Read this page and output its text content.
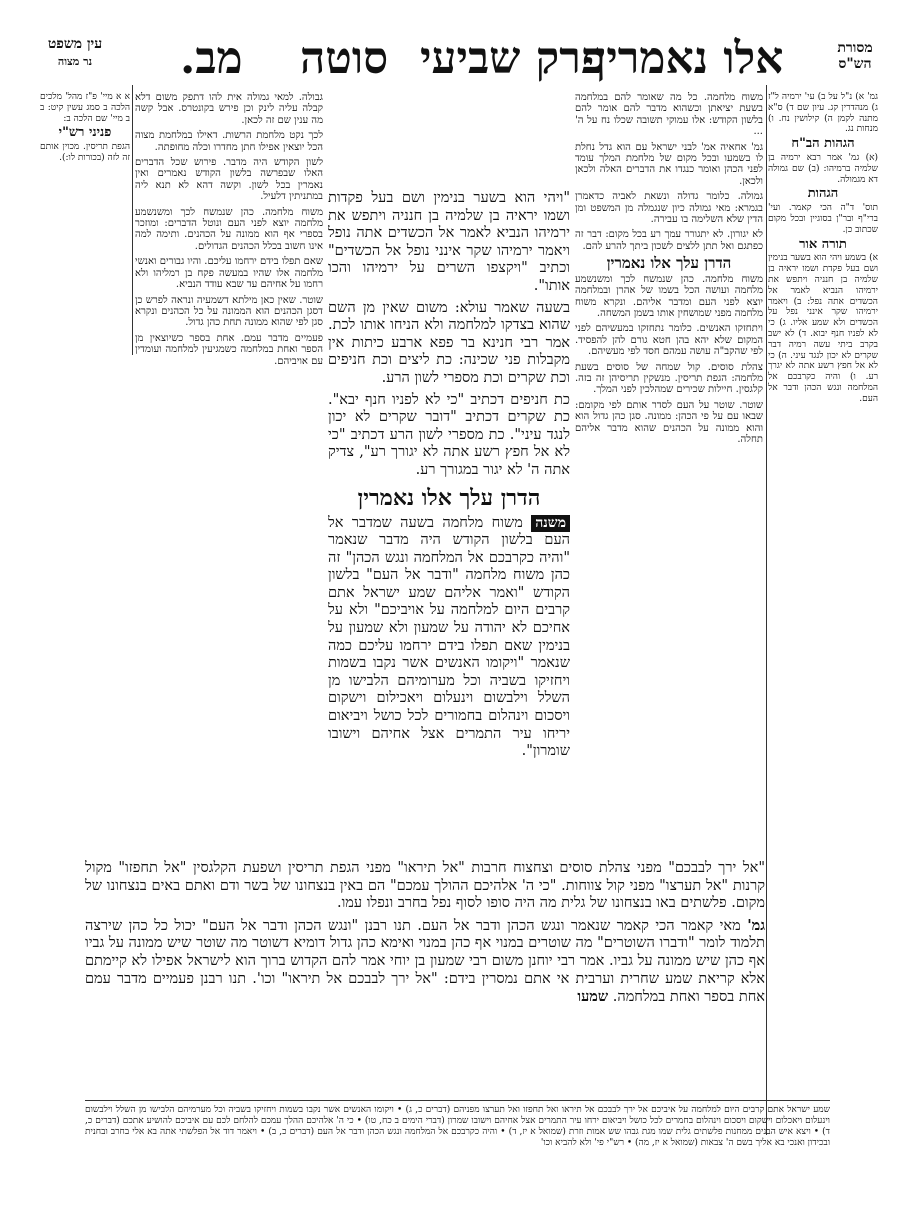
עין משפט
נר מצוה	מב. סוטה פרק שביעי
אלו נאמרין	מסורת
הש"ס

גמ' א) נ"ל על ב) עי' ירמיה ל"ז ג) מנהדרין קג. עיון שם ד) ס"א מתנה לקמן ה) קילושין נח. ו) מנחות נג.

הגהות הב"ח

(א) גמ' אמר רבא ירמיה בן שלמיה ברמיהו: (ב) שם גמולה דא מגמולה.

הגהות

תוס' ד"ה הכי קאמר. ועי' ברי"ף ובר"ן בסוגיין ובכל מקום שכתוב כן.

תורה אור

א) בשמע ויהי הוא בשער בנימין ושם בעל פקדת ושמו יראיה בן שלמיה בן חנניה ויתפש את ירמיהו הנביא לאמר אל הכשדים אתה נפל: ב) ויאמר ירמיהו שקר אינני נפל על הכשדים ולא שמע אליו. ג) כי לא לפניו חנף יבוא. ד) לא ישב בקרב ביתי עשה רמיה דבר שקרים לא יכון לנגד עיני. ה) כי לא אל חפץ רשע אתה לא יגרך רע. ו) והיה כקרבכם אל המלחמה ונגש הכהן ודבר אל העם.

משוח מלחמה. כל מה שאומר להם במלחמה בשעת יציאתן וכשהוא מדבר להם אומר להם בלשון הקודש: אלו עמוקי תשובה שכלו נח על ה' ...

גמ' אחאיה אמ' לבני ישראל עם הוא גדל נחלת לו בשמעו ובכל מקום של מלחמת המלך עומד לפני הכהן ואומר כנגדו את הדברים האלה ולכאן ולכאן.

גמולה. כלומר גדולה ונשאת לאביה כדאמרן בגמרא: מאי גמולה כיון שנגמלה מן המשפט ומן הדין שלא השלימה בו עבירה.

לא יגורון. לא יתגורר עמך רע בכל מקום: דבר זה כפתגם ואל תתן ללצים לשכון ביתך להרע להם.

הדרן עלך אלו נאמרין

משוח מלחמה. כהן שנמשח לכך ומשנשמע מלחמה ועושה הכל בשמו של אהרן ובמלחמה יוצא לפני העם ומדבר אליהם. ונקרא משוח מלחמה מפני שמושחין אותו בשמן המשחה.

ויתחזקו האנשים. כלומר נתחזקו במעשיהם לפני המקום שלא יהא בהן חטא גורם להן להפסיד. לפי שהקב"ה עושה עמהם חסד לפי מעשיהם.

צהלת סוסים. קול שמחה של סוסים בשעת מלחמה: הגפת תריסין. מנשקין תריסיהן זה בזה. קלגסין. חיילות שכירים שמהלכין לפני המלך.

שוטר. שוטר על העם לסדר אותם לפי מקומם: שבאו עם על פי הכהן: ממונה. סגן כהן גדול הוא והוא ממונה על הכהנים שהוא מדבר אליהם תחלה.

"ויהי הוא בשער בנימין ושם בעל פקדות ושמו יראיה בן שלמיה בן חנניה ויתפש את ירמיהו הנביא לאמר אל הכשדים אתה נופל ויאמר ירמיהו שקר אינני נופל אל הכשדים" וכתיב "ויקצפו השרים על ירמיהו והכו אותו".

בשעה שאמר עולא: משום שאין מן השם שהוא בצדקו למלחמה ולא הניחו אותו לכת. אמר רבי חנינא בר פפא ארבע כיתות אין מקבלות פני שכינה: כת ליצים וכת חניפים וכת שקרים וכת מספרי לשון הרע.

כת חניפים דכתיב "כי לא לפניו חנף יבא". כת שקרים דכתיב "דובר שקרים לא יכון לנגד עיני". כת מספרי לשון הרע דכתיב "כי לא אל חפץ רשע אתה לא יגורך רע", צדיק אתה ה' לא יגור במגורך רע.

הדרן עלך אלו נאמרין

משנה משוח מלחמה בשעה שמדבר אל העם בלשון הקודש היה מדבר שנאמר "והיה כקרבכם אל המלחמה ונגש הכהן" זה כהן משוח מלחמה "ודבר אל העם" בלשון הקודש "ואמר אליהם שמע ישראל אתם קרבים היום למלחמה על אויביכם" ולא על אחיכם לא יהודה על שמעון ולא שמעון על בנימין שאם תפלו בידם ירחמו עליכם כמה שנאמר "ויקומו האנשים אשר נקבו בשמות ויחזיקו בשביה וכל מערומיהם הלבישו מן השלל וילבשום וינעלום ויאכילום וישקום ויסכום וינהלום בחמורים לכל כושל ויביאום יריחו עיר התמרים אצל אחיהם וישובו שומרון".

"אל ירך לבבכם" מפני צהלת סוסים וצחצוח חרבות "אל תיראו" מפני הגפת תריסין ושפעת הקלגסין "אל תחפזו" מקול קרנות "אל תערצו" מפני קול צווחות. "כי ה' אלהיכם ההולך עמכם" הם באין בנצחונו של בשר ודם ואתם באים בנצחונו של מקום. פלשתים באו בנצחונו של גלית מה היה סופו לסוף נפל בחרב ונפלו עמו.

גמ' מאי קאמר הכי קאמר שנאמר ונגש הכהן ודבר אל העם. תנו רבנן "ונגש הכהן ודבר אל העם" יכול כל כהן שירצה תלמוד לומר "ודברו השוטרים" מה שוטרים במנוי אף כהן במנוי ואימא כהן גדול דומיא דשוטר מה שוטר שיש ממונה על גביו אף כהן שיש ממונה על גביו. אמר רבי יוחנן משום רבי שמעון בן יוחי אמר להם הקדוש ברוך הוא לישראל אפילו לא קיימתם אלא קריאת שמע שחרית וערבית אי אתם נמסרין בידם: "אל ירך לבבכם אל תיראו" וכו'. תנו רבנן פעמיים מדבר עמם אחת בספר ואחת במלחמה. שמעו

גבולה. למאי גמולה אית להו דתפק משום דלא קבלה עליה לינק וכן פירש בקונטרס. אבל קשה מה ענין שם זה לכאן.

לכך נקט מלחמת הרשות. דאילו במלחמת מצוה הכל יוצאין אפילו חתן מחדרו וכלה מחופתה.

לשון הקודש היה מדבר. פירוש שכל הדברים האלו שבפרשה בלשון הקודש נאמרים ואין נאמרין בכל לשון. וקשה דהא לא תנא ליה במתניתין דלעיל.

משוח מלחמה. כהן שנמשח לכך ומשנשמע מלחמה יוצא לפני העם ונוטל הדברים: ומוזכר בספרי אף הוא ממונה על הכהנים. ותימה למה אינו חשוב בכלל הכהנים הגדולים.

שאם תפלו בידם ירחמו עליכם. והיו גבורים ואנשי מלחמה אלו שהיו במעשה פקח בן רמליהו ולא רחמו על אחיהם עד שבא עודד הנביא.

שוטר. שאין כאן מילתא דשמעיה ונראה לפרש כן דסגן הכהנים הוא הממונה על כל הכהנים ונקרא סגן לפי שהוא ממונה תחת כהן גדול.

פעמיים מדבר עמם. אחת בספר כשיוצאין מן הספר ואחת במלחמה כשמגיעין למלחמה ועומדין עם אויביהם.

א א מיי' פ"ז מהל' מלכים הלכה ב סמג עשין קיט: ב ב מיי' שם הלכה ב:

פניני רש"י

הגפת תריסין. מכוין אותם זה לזה (בכורות לו:).

שמע ישראל אתם קרבים היום למלחמה על איביכם אל ירך לבבכם אל תיראו ואל תחפזו ואל תערצו מפניהם (דברים כ, ג) • ויקומו האנשים אשר נקבו בשמות ויחזיקו בשביה וכל מערמיהם הלבישו מן השלל וילבשום וינעלום ויאכלום וישקום ויסכום וינהלום בחמרים לכל כושל ויביאום ירחו עיר התמרים אצל אחיהם וישובו שמרון (דברי הימים ב כח, טו) • כי ה' אלהיכם ההלך עמכם להלחם לכם עם איביכם להושיע אתכם (דברים כ, ד) • ויצא איש הבנים ממחנות פלשתים גלית שמו מגת גבהו שש אמות וזרת (שמואל א יז, ד) • והיה כקרבכם אל המלחמה ונגש הכהן ודבר אל העם (דברים כ, ב) • ויאמר דוד אל הפלשתי אתה בא אלי בחרב ובחנית ובכידון ואנכי בא אליך בשם ה' צבאות (שמואל א יז, מה) • רש"י פי' ולא להביא וכו'
